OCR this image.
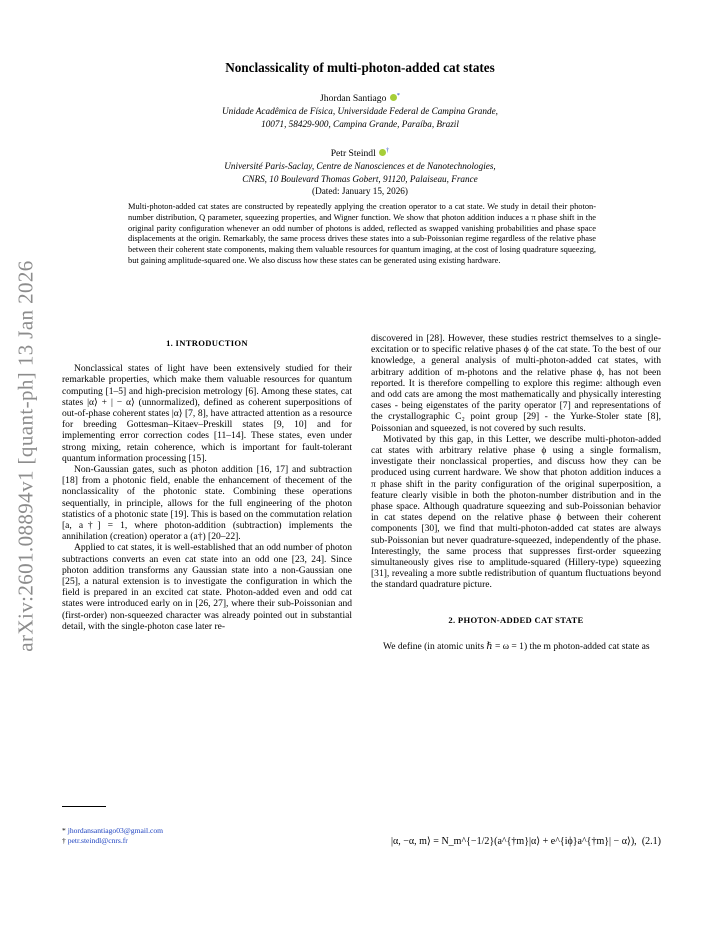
arXiv:2601.08894v1 [quant-ph] 13 Jan 2026
Nonclassicality of multi-photon-added cat states
Jhordan Santiago *
Unidade Acadêmica de Física, Universidade Federal de Campina Grande,
10071, 58429-900, Campina Grande, Paraíba, Brazil
Petr Steindl †
Université Paris-Saclay, Centre de Nanosciences et de Nanotechnologies,
CNRS, 10 Boulevard Thomas Gobert, 91120, Palaiseau, France
(Dated: January 15, 2026)
Multi-photon-added cat states are constructed by repeatedly applying the creation operator to a cat state. We study in detail their photon-number distribution, Q parameter, squeezing properties, and Wigner function. We show that photon addition induces a π phase shift in the original parity configuration whenever an odd number of photons is added, reflected as swapped vanishing probabilities and phase space displacements at the origin. Remarkably, the same process drives these states into a sub-Poissonian regime regardless of the relative phase between their coherent state components, making them valuable resources for quantum imaging, at the cost of losing quadrature squeezing, but gaining amplitude-squared one. We also discuss how these states can be generated using existing hardware.
1. INTRODUCTION

Nonclassical states of light have been extensively studied for their remarkable properties, which make them valuable resources for quantum computing [1–5] and high-precision metrology [6]. Among these states, cat states |α⟩ + | − α⟩ (unnormalized), defined as coherent superpositions of out-of-phase coherent states |α⟩ [7, 8], have attracted attention as a resource for breeding Gottesman–Kitaev–Preskill states [9, 10] and for implementing error correction codes [11–14]. These states, even under strong mixing, retain coherence, which is important for fault-tolerant quantum information processing [15].

Non-Gaussian gates, such as photon addition [16, 17] and subtraction [18] from a photonic field, enable the enhancement of thecement of the nonclassicality of the photonic state. Combining these operations sequentially, in principle, allows for the full engineering of the photon statistics of a photonic state [19]. This is based on the commutation relation [a, a†] = 1, where photon-addition (subtraction) implements the annihilation (creation) operator a (a†) [20–22].

Applied to cat states, it is well-established that an odd number of photon subtractions converts an even cat state into an odd one [23, 24]. Since photon addition transforms any Gaussian state into a non-Gaussian one [25], a natural extension is to investigate the configuration in which the field is prepared in an excited cat state. Photon-added even and odd cat states were introduced early on in [26, 27], where their sub-Poissonian and (first-order) non-squeezed character was already pointed out in substantial detail, with the single-photon case later re-

discovered in [28]. However, these studies restrict themselves to a single-excitation or to specific relative phases ϕ of the cat state. To the best of our knowledge, a general analysis of multi-photon-added cat states, with arbitrary addition of m-photons and the relative phase ϕ, has not been reported. It is therefore compelling to explore this regime: although even and odd cats are among the most mathematically and physically interesting cases - being eigenstates of the parity operator [7] and representations of the crystallographic C₂ point group [29] - the Yurke-Stoler state [8], Poissonian and squeezed, is not covered by such results.

Motivated by this gap, in this Letter, we describe multi-photon-added cat states with arbitrary relative phase ϕ using a single formalism, investigate their nonclassical properties, and discuss how they can be produced using current hardware. We show that photon addition induces a π phase shift in the parity configuration of the original superposition, a feature clearly visible in both the photon-number distribution and in the phase space. Although quadrature squeezing and sub-Poissonian behavior in cat states depend on the relative phase ϕ between their coherent components [30], we find that multi-photon-added cat states are always sub-Poissonian but never quadrature-squeezed, independently of the phase. Interestingly, the same process that suppresses first-order squeezing simultaneously gives rise to amplitude-squared (Hillery-type) squeezing [31], revealing a more subtle redistribution of quantum fluctuations beyond the standard quadrature picture.

2. PHOTON-ADDED CAT STATE

We define (in atomic units ℏ = ω = 1) the m photon-added cat state as

|α, −α, m⟩ = N_m^{−1/2}(a^{†m}|α⟩ + e^{iϕ}a^{†m}| − α⟩), (2.1)
* jhordansantiago03@gmail.com
† petr.steindl@cnrs.fr
